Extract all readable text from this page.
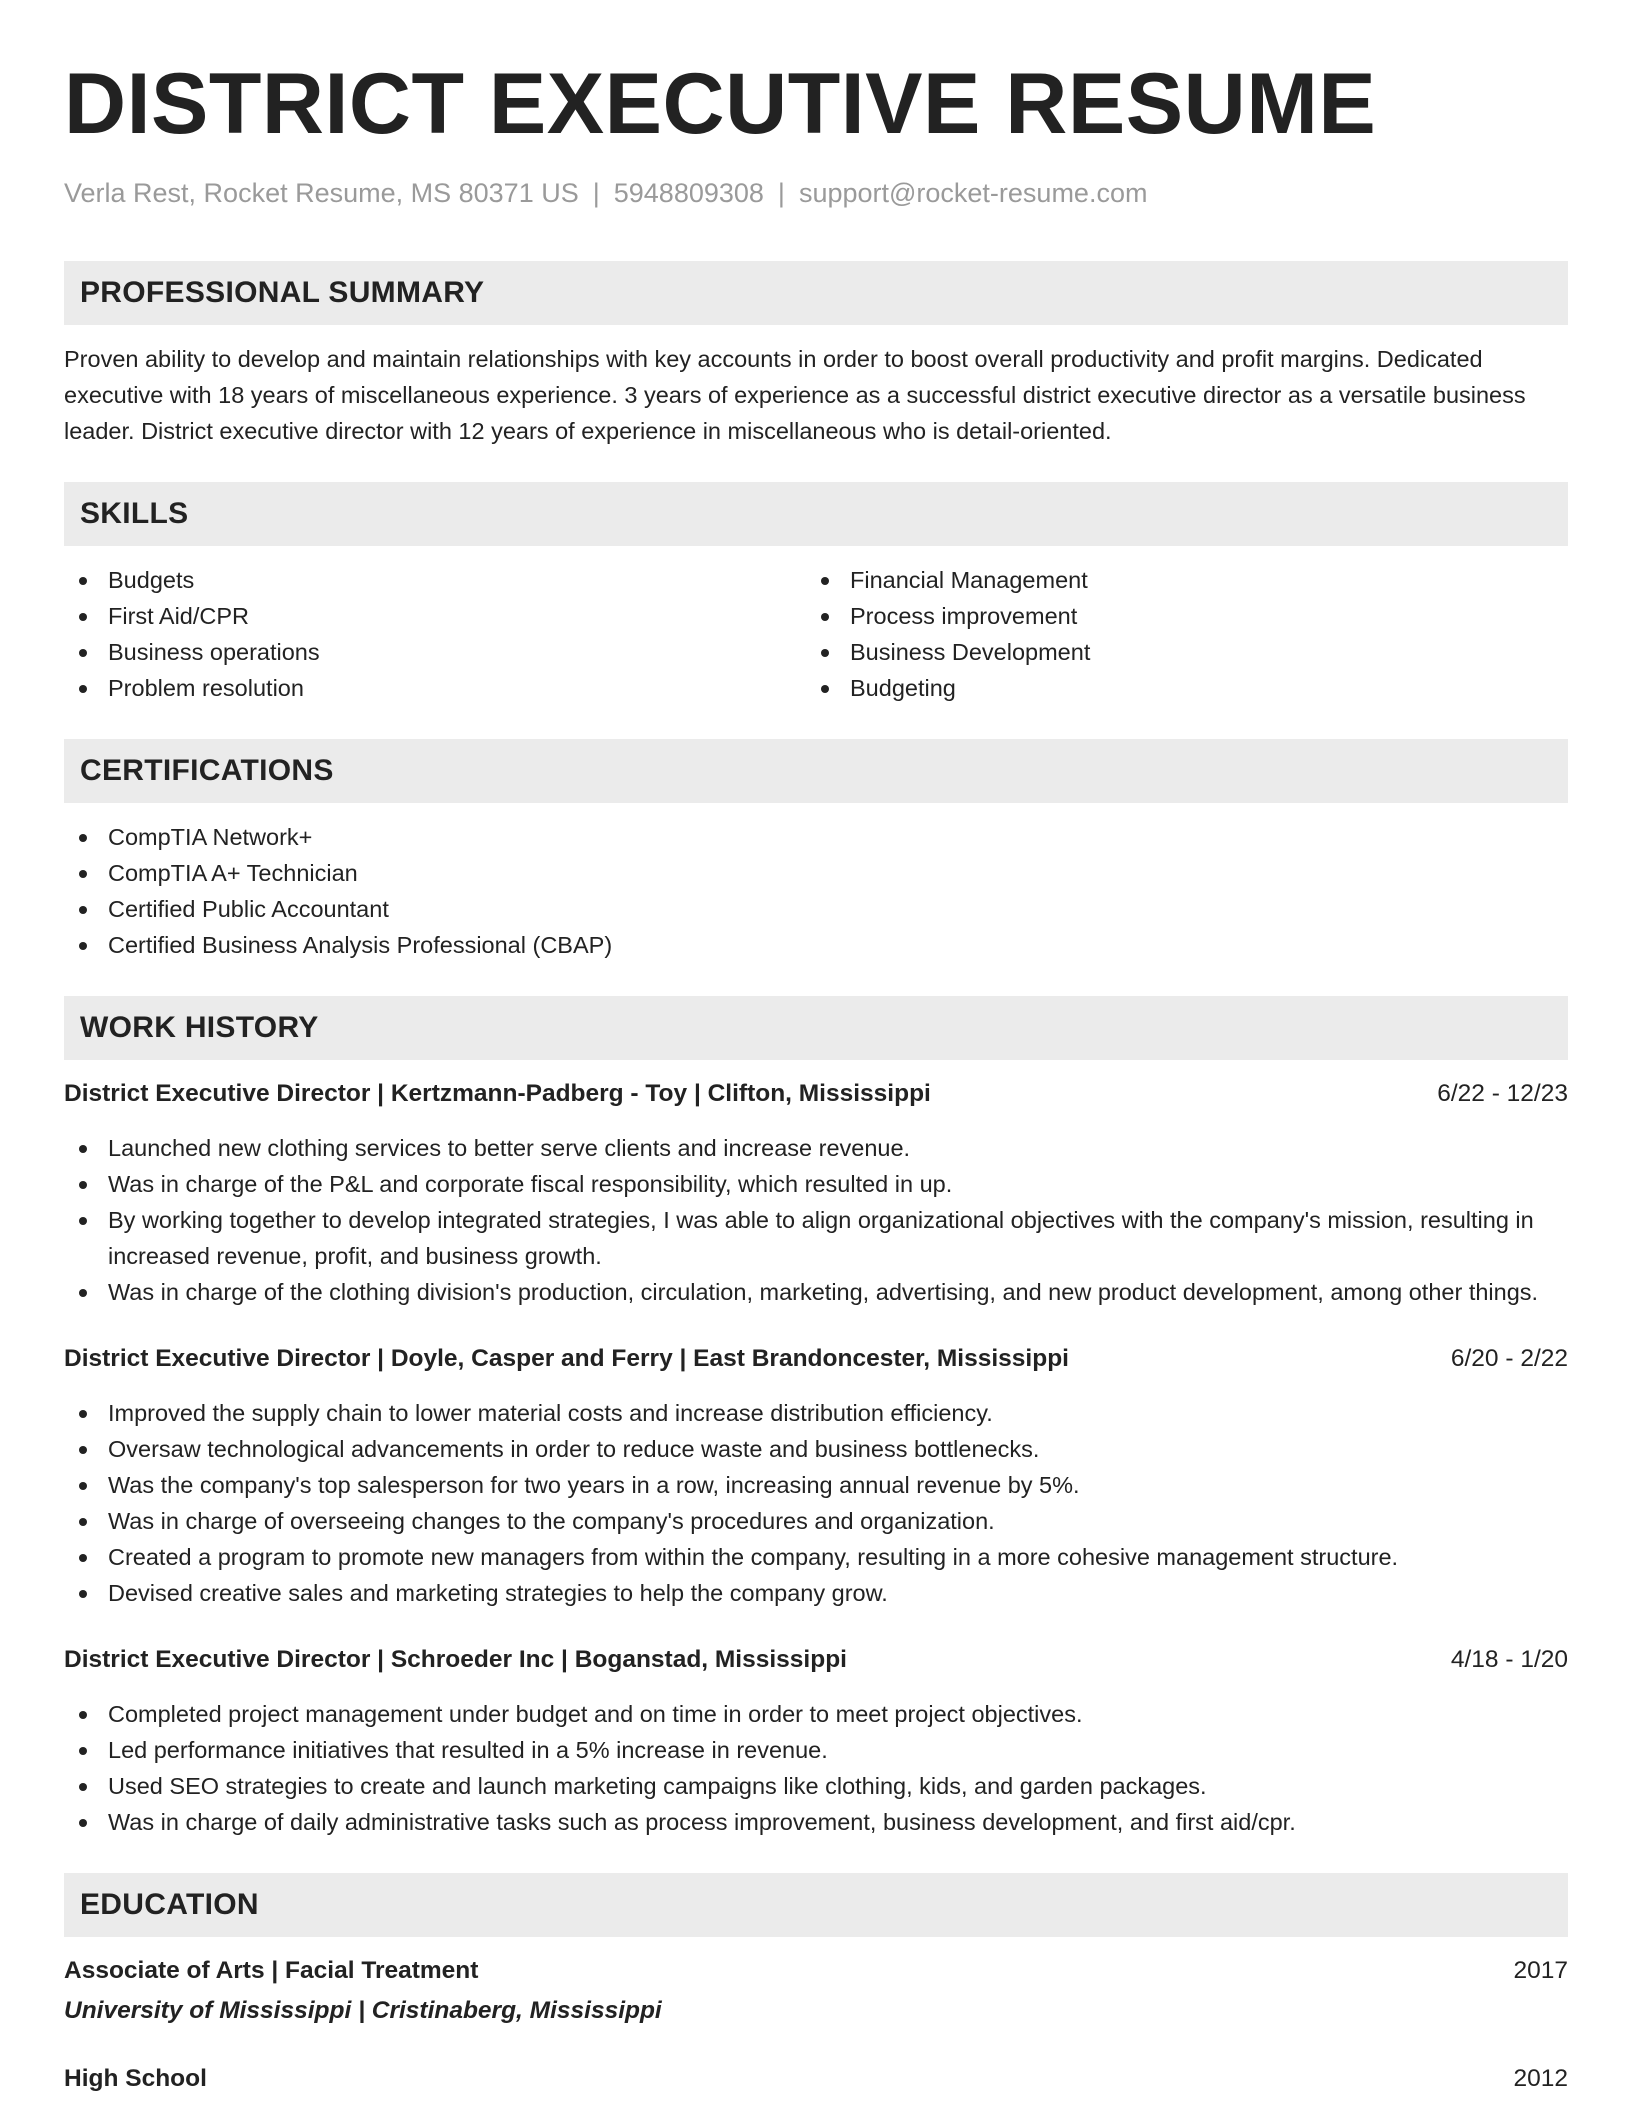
DISTRICT EXECUTIVE RESUME
Verla Rest, Rocket Resume, MS 80371 US | 5948809308 | support@rocket-resume.com
PROFESSIONAL SUMMARY

Proven ability to develop and maintain relationships with key accounts in order to boost overall productivity and profit margins. Dedicated executive with 18 years of miscellaneous experience. 3 years of experience as a successful district executive director as a versatile business leader. District executive director with 12 years of experience in miscellaneous who is detail-oriented.

SKILLS
Budgets
First Aid/CPR
Business operations
Problem resolution
Financial Management
Process improvement
Business Development
Budgeting
CERTIFICATIONS
CompTIA Network+
CompTIA A+ Technician
Certified Public Accountant
Certified Business Analysis Professional (CBAP)
WORK HISTORY
District Executive Director | Kertzmann-Padberg - Toy | Clifton, Mississippi	6/22 - 12/23
Launched new clothing services to better serve clients and increase revenue.
Was in charge of the P&L and corporate fiscal responsibility, which resulted in up.
By working together to develop integrated strategies, I was able to align organizational objectives with the company's mission, resulting in increased revenue, profit, and business growth.
Was in charge of the clothing division's production, circulation, marketing, advertising, and new product development, among other things.
District Executive Director | Doyle, Casper and Ferry | East Brandoncester, Mississippi	6/20 - 2/22
Improved the supply chain to lower material costs and increase distribution efficiency.
Oversaw technological advancements in order to reduce waste and business bottlenecks.
Was the company's top salesperson for two years in a row, increasing annual revenue by 5%.
Was in charge of overseeing changes to the company's procedures and organization.
Created a program to promote new managers from within the company, resulting in a more cohesive management structure.
Devised creative sales and marketing strategies to help the company grow.
District Executive Director | Schroeder Inc | Boganstad, Mississippi	4/18 - 1/20
Completed project management under budget and on time in order to meet project objectives.
Led performance initiatives that resulted in a 5% increase in revenue.
Used SEO strategies to create and launch marketing campaigns like clothing, kids, and garden packages.
Was in charge of daily administrative tasks such as process improvement, business development, and first aid/cpr.
EDUCATION
Associate of Arts | Facial Treatment	2017
University of Mississippi | Cristinaberg, Mississippi
High School	2012
